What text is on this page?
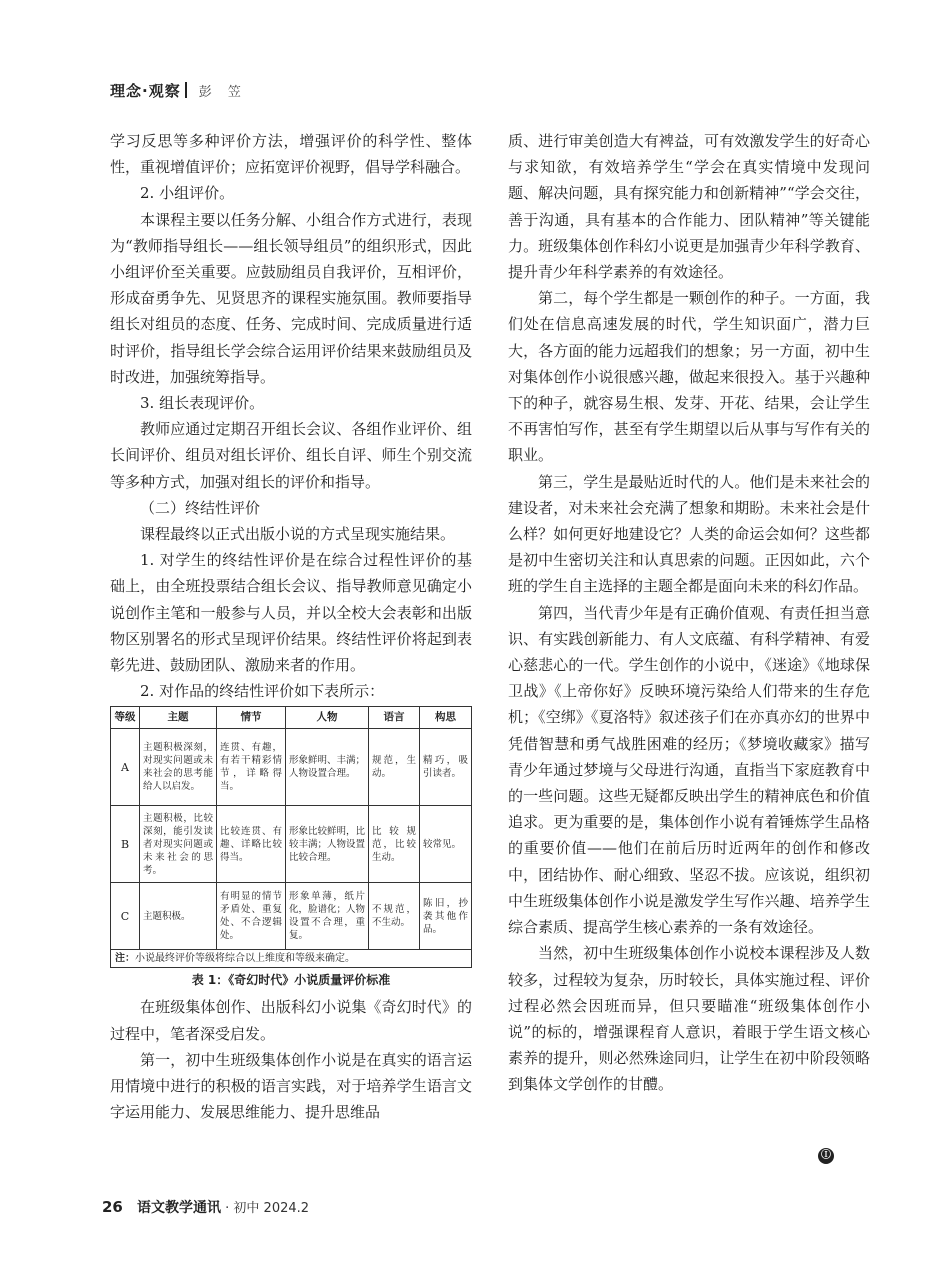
理念·观察 彭 笠

学习反思等多种评价方法，增强评价的科学性、整体性，重视增值评价；应拓宽评价视野，倡导学科融合。

2. 小组评价。

本课程主要以任务分解、小组合作方式进行，表现为“教师指导组长——组长领导组员”的组织形式，因此小组评价至关重要。应鼓励组员自我评价，互相评价，形成奋勇争先、见贤思齐的课程实施氛围。教师要指导组长对组员的态度、任务、完成时间、完成质量进行适时评价，指导组长学会综合运用评价结果来鼓励组员及时改进，加强统筹指导。

3. 组长表现评价。

教师应通过定期召开组长会议、各组作业评价、组长间评价、组员对组长评价、组长自评、师生个别交流等多种方式，加强对组长的评价和指导。

（二）终结性评价

课程最终以正式出版小说的方式呈现实施结果。

1. 对学生的终结性评价是在综合过程性评价的基础上，由全班投票结合组长会议、指导教师意见确定小说创作主笔和一般参与人员，并以全校大会表彰和出版物区别署名的形式呈现评价结果。终结性评价将起到表彰先进、鼓励团队、激励来者的作用。

2. 对作品的终结性评价如下表所示：

等级	主题	情节	人物	语言	构思
A	主题积极深刻，对现实问题或未来社会的思考能给人以启发。	连贯、有趣，有若干精彩情节，详略得当。	形象鲜明、丰满；人物设置合理。	规范，生动。	精巧，吸引读者。
B	主题积极，比较深刻，能引发读者对现实问题或未来社会的思考。	比较连贯、有趣、详略比较得当。	形象比较鲜明，比较丰满；人物设置比较合理。	比较规范，比较生动。	较常见。
C	主题积极。	有明显的情节矛盾处、重复处、不合逻辑处。	形象单薄，纸片化，脸谱化；人物设置不合理，重复。	不规范，不生动。	陈旧，抄袭其他作品。
注：小说最终评价等级将综合以上维度和等级来确定。					

表 1：《奇幻时代》小说质量评价标准

在班级集体创作、出版科幻小说集《奇幻时代》的过程中，笔者深受启发。

第一，初中生班级集体创作小说是在真实的语言运用情境中进行的积极的语言实践，对于培养学生语言文字运用能力、发展思维能力、提升思维品

质、进行审美创造大有裨益，可有效激发学生的好奇心与求知欲，有效培养学生“学会在真实情境中发现问题、解决问题，具有探究能力和创新精神”“学会交往，善于沟通，具有基本的合作能力、团队精神”等关键能力。班级集体创作科幻小说更是加强青少年科学教育、提升青少年科学素养的有效途径。

第二，每个学生都是一颗创作的种子。一方面，我们处在信息高速发展的时代，学生知识面广，潜力巨大，各方面的能力远超我们的想象；另一方面，初中生对集体创作小说很感兴趣，做起来很投入。基于兴趣种下的种子，就容易生根、发芽、开花、结果，会让学生不再害怕写作，甚至有学生期望以后从事与写作有关的职业。

第三，学生是最贴近时代的人。他们是未来社会的建设者，对未来社会充满了想象和期盼。未来社会是什么样？如何更好地建设它？人类的命运会如何？这些都是初中生密切关注和认真思索的问题。正因如此，六个班的学生自主选择的主题全都是面向未来的科幻作品。

第四，当代青少年是有正确价值观、有责任担当意识、有实践创新能力、有人文底蕴、有科学精神、有爱心慈悲心的一代。学生创作的小说中，《迷途》《地球保卫战》《上帝你好》反映环境污染给人们带来的生存危机；《空绑》《夏洛特》叙述孩子们在亦真亦幻的世界中凭借智慧和勇气战胜困难的经历；《梦境收藏家》描写青少年通过梦境与父母进行沟通，直指当下家庭教育中的一些问题。这些无疑都反映出学生的精神底色和价值追求。更为重要的是，集体创作小说有着锤炼学生品格的重要价值——他们在前后历时近两年的创作和修改中，团结协作、耐心细致、坚忍不拔。应该说，组织初中生班级集体创作小说是激发学生写作兴趣、培养学生综合素质、提高学生核心素养的一条有效途径。

当然，初中生班级集体创作小说校本课程涉及人数较多，过程较为复杂，历时较长，具体实施过程、评价过程必然会因班而异，但只要瞄准“班级集体创作小说”的标的，增强课程育人意识，着眼于学生语文核心素养的提升，则必然殊途同归，让学生在初中阶段领略到集体文学创作的甘醴。

Ⓘ
26 语文教学通讯 · 初中 2024.2
